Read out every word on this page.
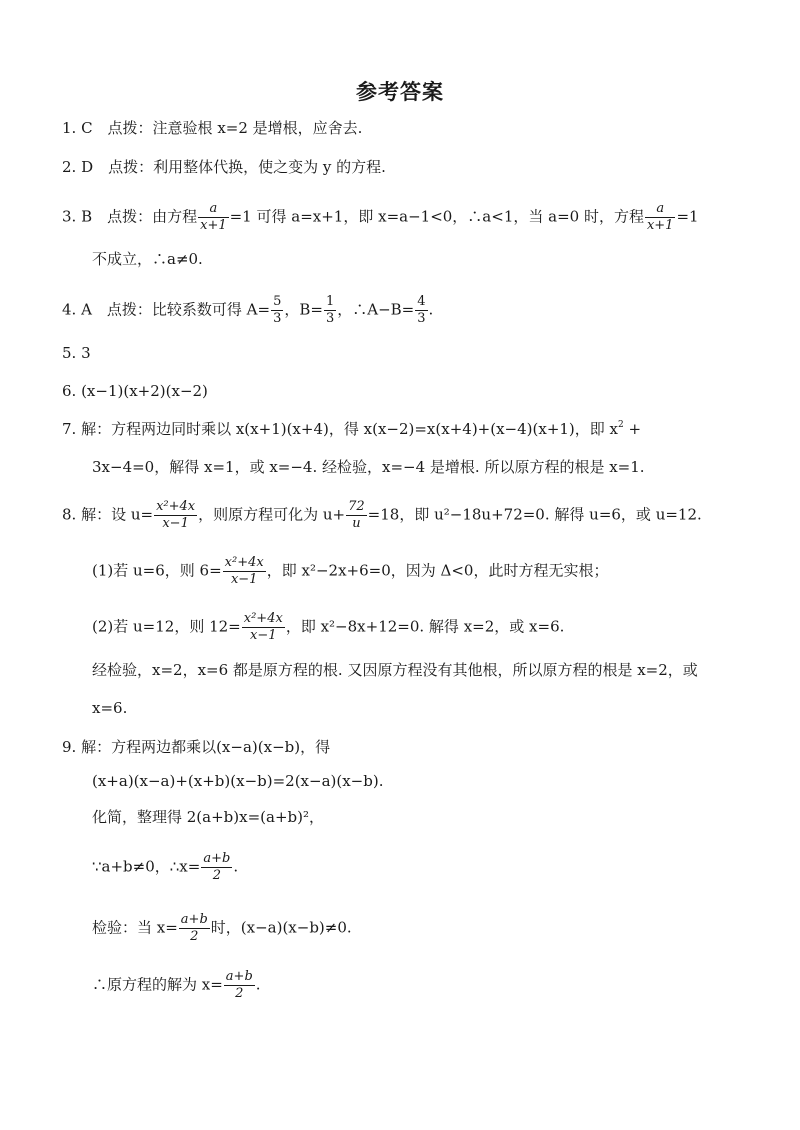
参考答案
1. C　点拨：注意验根 x=2 是增根，应舍去.
2. D　点拨：利用整体代换，使之变为 y 的方程.
3. B　点拨：由方程 $\frac{a}{x+1} =1$ 可得 a=x+1，即 x=a−1<0，∴a<1，当 a=0 时，方程 $\frac{a}{x+1} =1$
不成立，∴a≠0.
4. A　点拨：比较系数可得 $A= \frac{5}{3}$ ，$B= \frac{1}{3}$ ，∴A−B= $\frac{4}{3}$ .
5. 3
6. (x−1)(x+2)(x−2)
7. 解：方程两边同时乘以 x(x+1)(x+4)，得 x(x−2)=x(x+4)+(x−4)(x+1)，即 $x^2$ +
3x−4=0，解得 x=1，或 x=−4. 经检验，x=−4 是增根. 所以原方程的根是 x=1.
8. 解：设 $u= \frac{\text{x²+4x}}{x-1}$ ，则原方程可化为 $u+ \frac{72}{u} =18$，即 u²−18u+72=0. 解得 u=6，或 u=12.
(1)若 u=6，则 $6= \frac{\text{x²+4x}}{x-1}$ ，即 x²−2x+6=0，因为 Δ<0，此时方程无实根；
(2)若 u=12，则 $12= \frac{\text{x²+4x}}{x-1}$ ，即 x²−8x+12=0. 解得 x=2，或 x=6.
经检验，x=2，x=6 都是原方程的根. 又因原方程没有其他根，所以原方程的根是 x=2，或
x=6.
9. 解：方程两边都乘以(x−a)(x−b)，得
(x+a)(x−a)+(x+b)(x−b)=2(x−a)(x−b).
化简，整理得 2(a+b)x=(a+b)²，
∵a+b≠0，∴x= $\frac{a+b}{2}$ .
检验：当 $x= \frac{a+b}{2}$ 时，(x−a)(x−b)≠0.
∴原方程的解为 $x= \frac{a+b}{2}$ .
